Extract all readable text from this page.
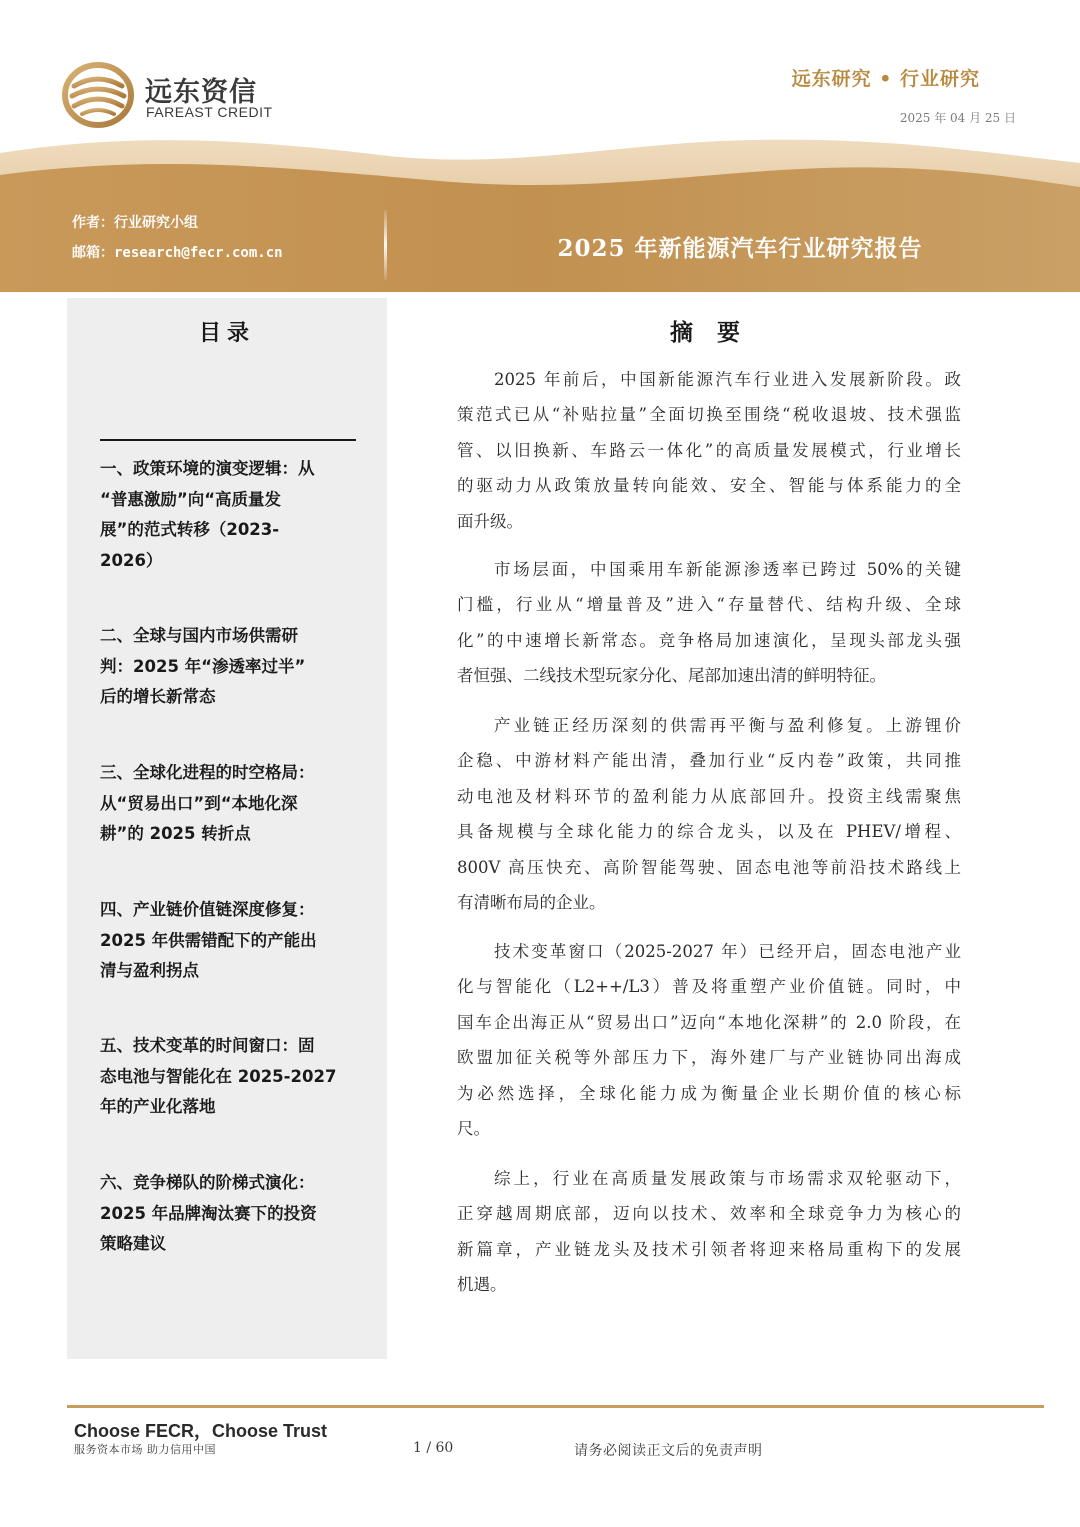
远东资信
FAREAST CREDIT
远东研究 • 行业研究
2025 年 04 月 25 日
作者：行业研究小组
邮箱：research@fecr.com.cn	2025 年新能源汽车行业研究报告
目录
一、政策环境的演变逻辑：从
“普惠激励”向“高质量发
展”的范式转移（2023-
2026）
二、全球与国内市场供需研
判：2025 年“渗透率过半”
后的增长新常态
三、全球化进程的时空格局：
从“贸易出口”到“本地化深
耕”的 2025 转折点
四、产业链价值链深度修复：
2025 年供需错配下的产能出
清与盈利拐点
五、技术变革的时间窗口：固
态电池与智能化在 2025-2027
年的产业化落地
六、竞争梯队的阶梯式演化：
2025 年品牌淘汰赛下的投资
策略建议
摘 要
2025 年前后，中国新能源汽车行业进入发展新阶段。政
策范式已从“补贴拉量”全面切换至围绕“税收退坡、技术强监
管、以旧换新、车路云一体化”的高质量发展模式，行业增长
的驱动力从政策放量转向能效、安全、智能与体系能力的全
面升级。
市场层面，中国乘用车新能源渗透率已跨过 50%的关键
门槛，行业从“增量普及”进入“存量替代、结构升级、全球
化”的中速增长新常态。竞争格局加速演化，呈现头部龙头强
者恒强、二线技术型玩家分化、尾部加速出清的鲜明特征。
产业链正经历深刻的供需再平衡与盈利修复。上游锂价
企稳、中游材料产能出清，叠加行业“反内卷”政策，共同推
动电池及材料环节的盈利能力从底部回升。投资主线需聚焦
具备规模与全球化能力的综合龙头，以及在 PHEV/增程、
800V 高压快充、高阶智能驾驶、固态电池等前沿技术路线上
有清晰布局的企业。
技术变革窗口（2025-2027 年）已经开启，固态电池产业
化与智能化（L2++/L3）普及将重塑产业价值链。同时，中
国车企出海正从“贸易出口”迈向“本地化深耕”的 2.0 阶段，在
欧盟加征关税等外部压力下，海外建厂与产业链协同出海成
为必然选择，全球化能力成为衡量企业长期价值的核心标
尺。
综上，行业在高质量发展政策与市场需求双轮驱动下，
正穿越周期底部，迈向以技术、效率和全球竞争力为核心的
新篇章，产业链龙头及技术引领者将迎来格局重构下的发展
机遇。
Choose FECR，Choose Trust
服务资本市场 助力信用中国	1 / 60	请务必阅读正文后的免责声明
